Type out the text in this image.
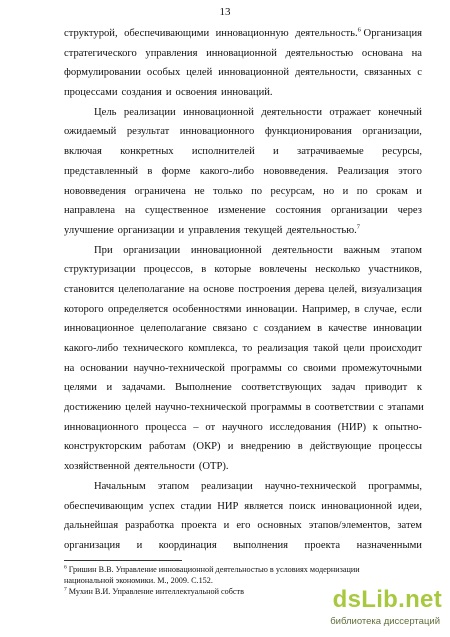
13
структурой, обеспечивающими инновационную деятельность.$^6$ Организация
стратегического управления инновационной деятельностью основана на
формулировании особых целей инновационной деятельности, связанных с
процессами создания и освоения инноваций.
Цель реализации инновационной деятельности отражает конечный
ожидаемый результат инновационного функционирования организации,
включая конкретных исполнителей и затрачиваемые ресурсы,
представленный в форме какого-либо нововведения. Реализация этого
нововведения ограничена не только по ресурсам, но и по срокам и
направлена на существенное изменение состояния организации через
улучшение организации и управления текущей деятельностью.$^7$
При организации инновационной деятельности важным этапом
структуризации процессов, в которые вовлечены несколько участников,
становится целеполагание на основе построения дерева целей, визуализация
которого определяется особенностями инновации. Например, в случае, если
инновационное целеполагание связано с созданием в качестве инновации
какого-либо технического комплекса, то реализация такой цели происходит
на основании научно-технической программы со своими промежуточными
целями и задачами. Выполнение соответствующих задач приводит к
достижению целей научно-технической программы в соответствии с этапами
инновационного процесса – от научного исследования (НИР) к опытно-
конструкторским работам (ОКР) и внедрению в действующие процессы
хозяйственной деятельности (ОТР).
Начальным этапом реализации научно-технической программы,
обеспечивающим успех стадии НИР является поиск инновационной идеи,
дальнейшая разработка проекта и его основных этапов/элементов, затем
организация и координация выполнения проекта назначенными
$^6$ Гришин В.В. Управление инновационной деятельностью в условиях модернизации
национальной экономики. М., 2009. С.152.
$^7$ Мухин В.И. Управление интеллектуальной собств	dsLib.net
библиотека диссертаций
